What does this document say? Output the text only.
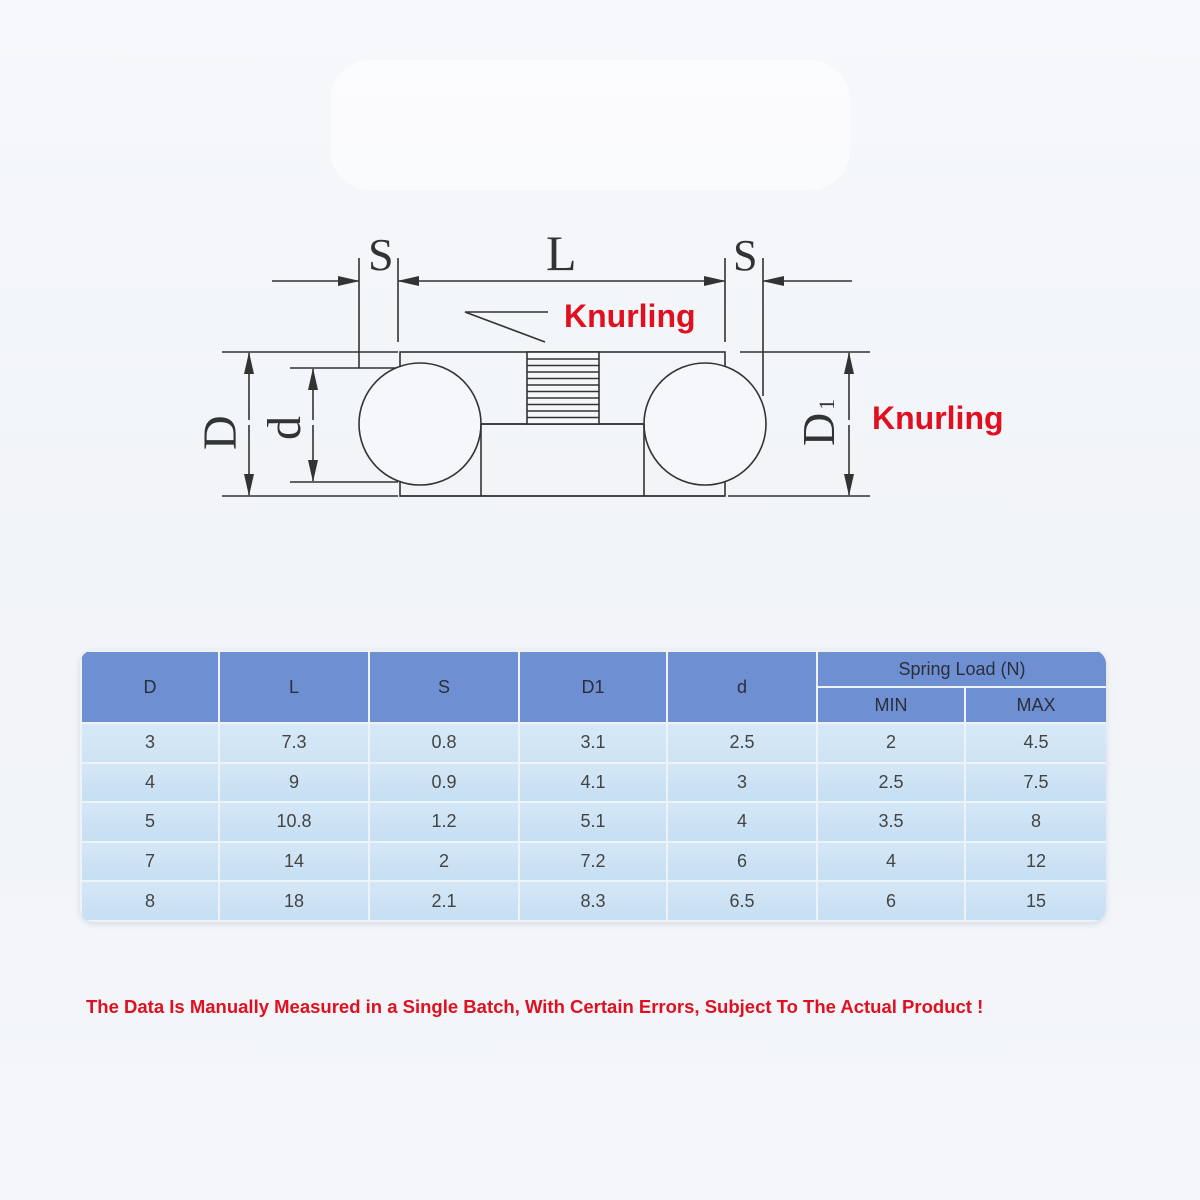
S	L	S
D d	D
1
Knurling
Knurling
D	L	S	D1	d	Spring Load (N)	
					MIN	MAX
3	7.3	0.8	3.1	2.5	2	4.5
4	9	0.9	4.1	3	2.5	7.5
5	10.8	1.2	5.1	4	3.5	8
7	14	2	7.2	6	4	12
8	18	2.1	8.3	6.5	6	15
The Data Is Manually Measured in a Single Batch, With Certain Errors, Subject To The Actual Product !
